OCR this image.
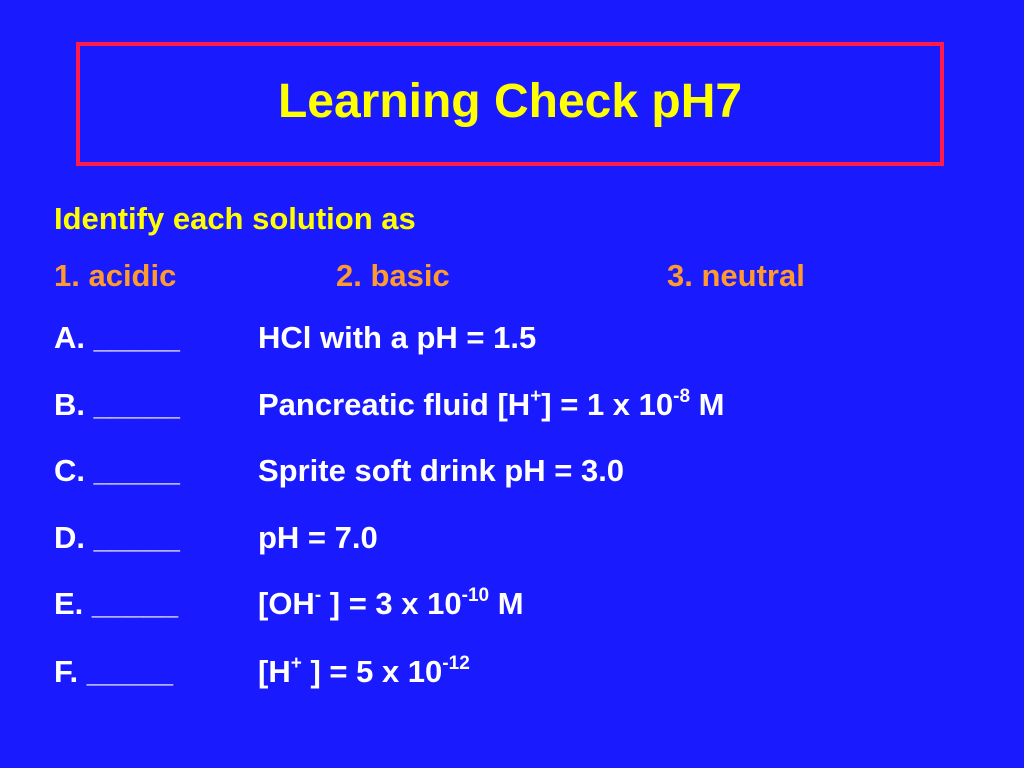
Learning Check pH7
Identify each solution as
1. acidic	2. basic	3. neutral
A. _____	HCl with a pH = 1.5
B. _____	Pancreatic fluid [H+] = 1 x $10^{-8}$ M
C. _____	Sprite soft drink pH = 3.0
D. _____	pH = 7.0
E. _____	[OH- ] = 3 x $10^{-10}$ M
F. _____	[H+ ] = 5 x $10^{-12}$
